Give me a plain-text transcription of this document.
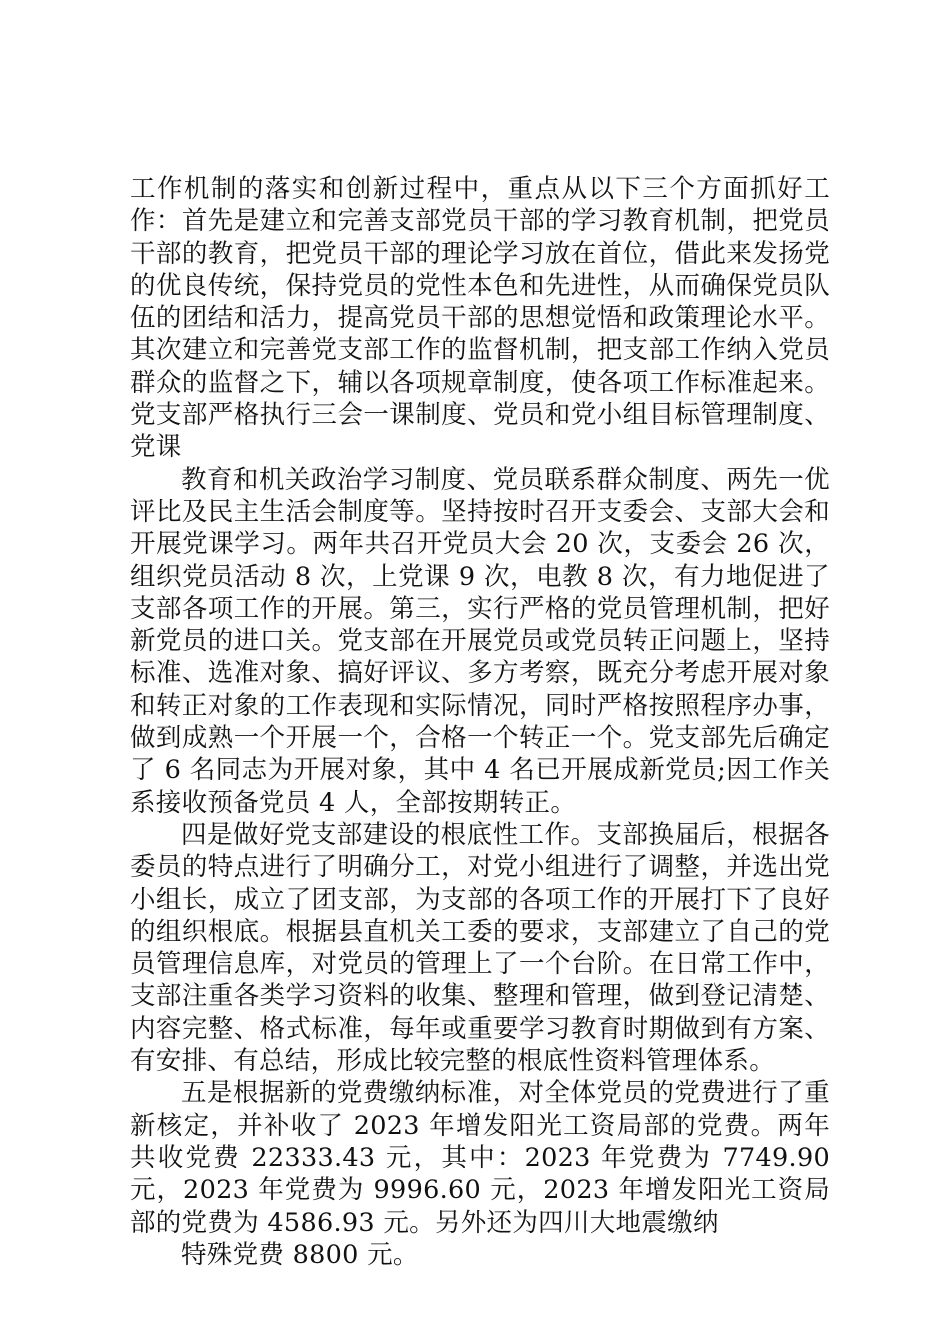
工作机制的落实和创新过程中，重点从以下三个方面抓好工作：首先是建立和完善支部党员干部的学习教育机制，把党员干部的教育，把党员干部的理论学习放在首位，借此来发扬党的优良传统，保持党员的党性本色和先进性，从而确保党员队伍的团结和活力，提高党员干部的思想觉悟和政策理论水平。其次建立和完善党支部工作的监督机制，把支部工作纳入党员群众的监督之下，辅以各项规章制度，使各项工作标准起来。党支部严格执行三会一课制度、党员和党小组目标管理制度、党课

教育和机关政治学习制度、党员联系群众制度、两先一优评比及民主生活会制度等。坚持按时召开支委会、支部大会和开展党课学习。两年共召开党员大会 20 次，支委会 26 次，组织党员活动 8 次，上党课 9 次，电教 8 次，有力地促进了支部各项工作的开展。第三，实行严格的党员管理机制，把好新党员的进口关。党支部在开展党员或党员转正问题上，坚持标准、选准对象、搞好评议、多方考察，既充分考虑开展对象和转正对象的工作表现和实际情况，同时严格按照程序办事，做到成熟一个开展一个，合格一个转正一个。党支部先后确定了 6 名同志为开展对象，其中 4 名已开展成新党员;因工作关系接收预备党员 4 人，全部按期转正。

四是做好党支部建设的根底性工作。支部换届后，根据各委员的特点进行了明确分工，对党小组进行了调整，并选出党小组长，成立了团支部，为支部的各项工作的开展打下了良好的组织根底。根据县直机关工委的要求，支部建立了自己的党员管理信息库，对党员的管理上了一个台阶。在日常工作中，支部注重各类学习资料的收集、整理和管理，做到登记清楚、内容完整、格式标准，每年或重要学习教育时期做到有方案、有安排、有总结，形成比较完整的根底性资料管理体系。

五是根据新的党费缴纳标准，对全体党员的党费进行了重新核定，并补收了 2023 年增发阳光工资局部的党费。两年共收党费 22333.43 元，其中：2023 年党费为 7749.90 元，2023 年党费为 9996.60 元，2023 年增发阳光工资局部的党费为 4586.93 元。另外还为四川大地震缴纳

特殊党费 8800 元。
